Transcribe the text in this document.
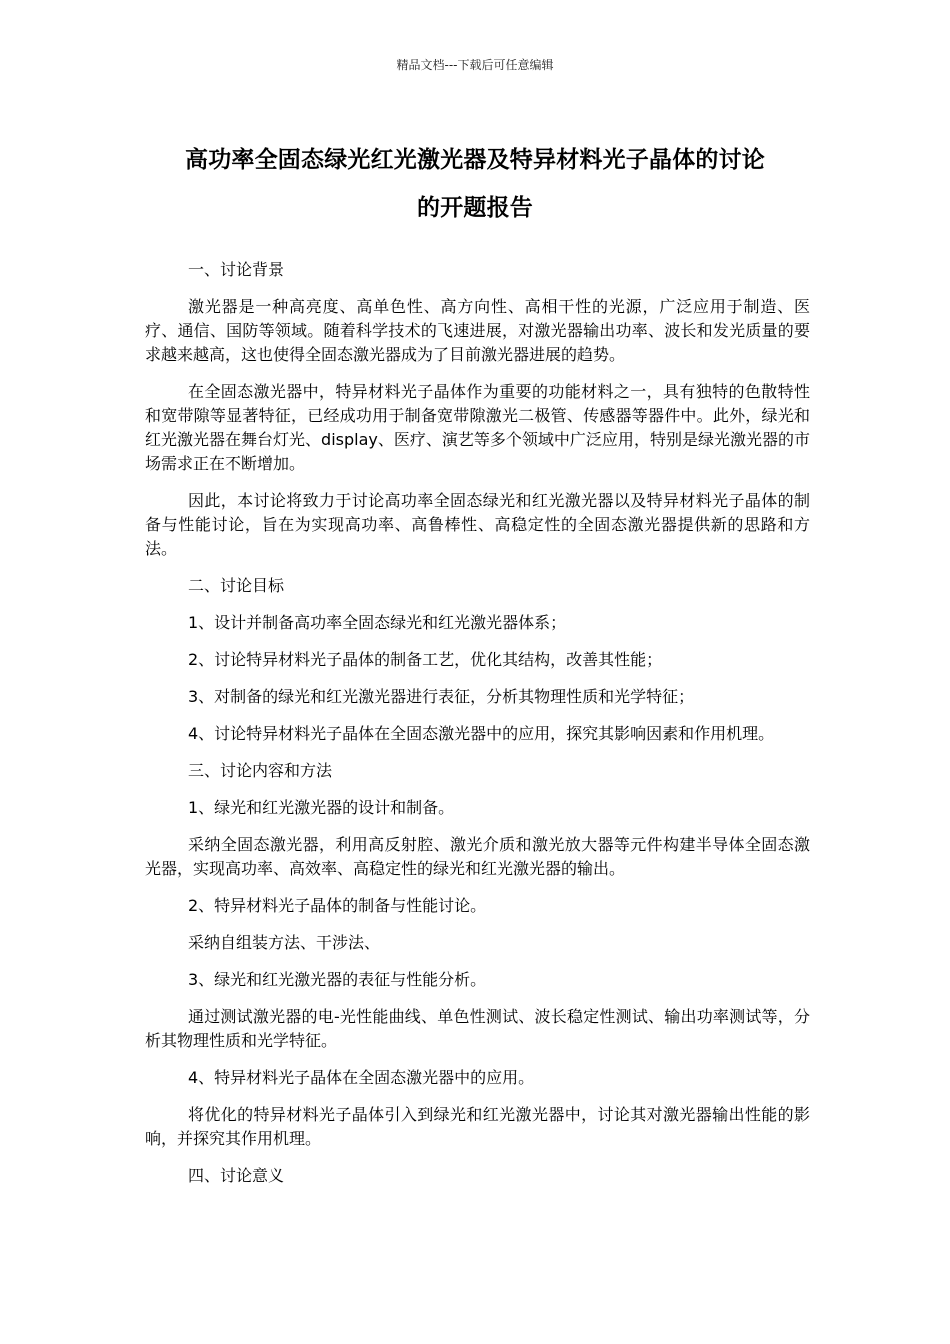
精品文档---下载后可任意编辑
高功率全固态绿光红光激光器及特异材料光子晶体的讨论
的开题报告

一、讨论背景

激光器是一种高亮度、高单色性、高方向性、高相干性的光源，广泛应用于制造、医疗、通信、国防等领域。随着科学技术的飞速进展，对激光器输出功率、波长和发光质量的要求越来越高，这也使得全固态激光器成为了目前激光器进展的趋势。

在全固态激光器中，特异材料光子晶体作为重要的功能材料之一，具有独特的色散特性和宽带隙等显著特征，已经成功用于制备宽带隙激光二极管、传感器等器件中。此外，绿光和红光激光器在舞台灯光、display、医疗、演艺等多个领域中广泛应用，特别是绿光激光器的市场需求正在不断增加。

因此，本讨论将致力于讨论高功率全固态绿光和红光激光器以及特异材料光子晶体的制备与性能讨论，旨在为实现高功率、高鲁棒性、高稳定性的全固态激光器提供新的思路和方法。

二、讨论目标

1、设计并制备高功率全固态绿光和红光激光器体系；

2、讨论特异材料光子晶体的制备工艺，优化其结构，改善其性能；

3、对制备的绿光和红光激光器进行表征，分析其物理性质和光学特征；

4、讨论特异材料光子晶体在全固态激光器中的应用，探究其影响因素和作用机理。

三、讨论内容和方法

1、绿光和红光激光器的设计和制备。

采纳全固态激光器，利用高反射腔、激光介质和激光放大器等元件构建半导体全固态激光器，实现高功率、高效率、高稳定性的绿光和红光激光器的输出。

2、特异材料光子晶体的制备与性能讨论。

采纳自组装方法、干涉法、

3、绿光和红光激光器的表征与性能分析。

通过测试激光器的电-光性能曲线、单色性测试、波长稳定性测试、输出功率测试等，分析其物理性质和光学特征。

4、特异材料光子晶体在全固态激光器中的应用。

将优化的特异材料光子晶体引入到绿光和红光激光器中，讨论其对激光器输出性能的影响，并探究其作用机理。

四、讨论意义
